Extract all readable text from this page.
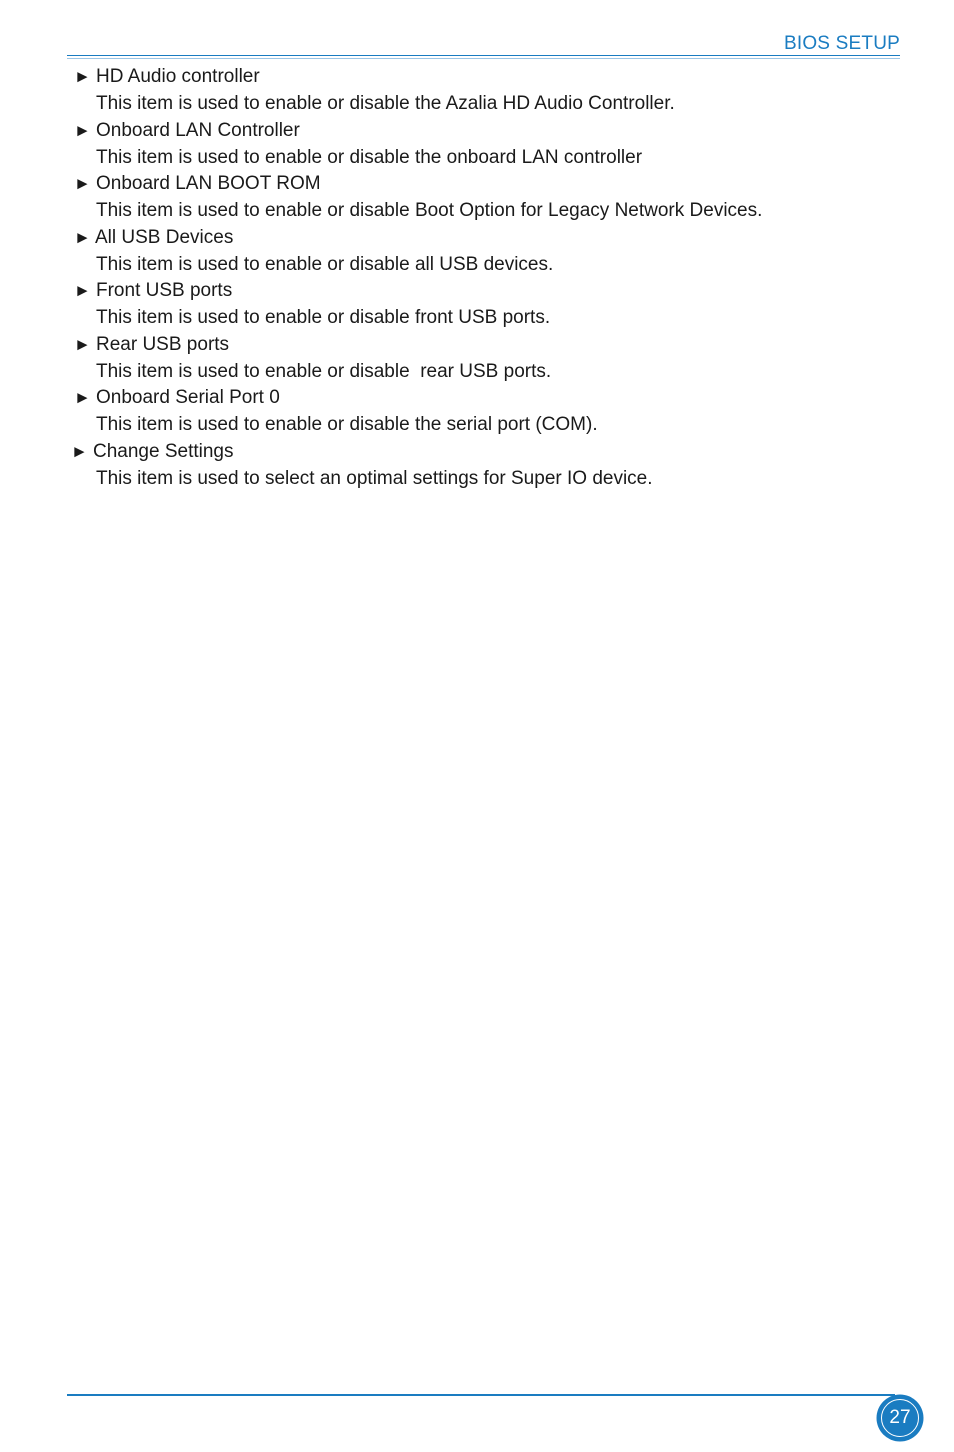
BIOS SETUP
► HD Audio controller
This item is used to enable or disable the Azalia HD Audio Controller.
► Onboard LAN Controller
This item is used to enable or disable the onboard LAN controller
► Onboard LAN BOOT ROM
This item is used to enable or disable Boot Option for Legacy Network Devices.
► All USB Devices
This item is used to enable or disable all USB devices.
► Front USB ports
This item is used to enable or disable front USB ports.
► Rear USB ports
This item is used to enable or disable  rear USB ports.
► Onboard Serial Port 0
This item is used to enable or disable the serial port (COM).
► Change Settings
This item is used to select an optimal settings for Super IO device.
27
